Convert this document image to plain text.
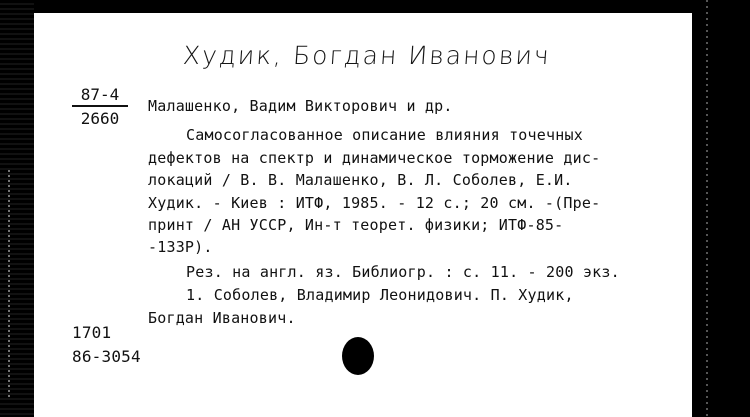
Худик, Богдан Иванович
87-4
2660
Малашенко, Вадим Викторович и др.
Самосогласованное описание влияния точечных
дефектов на спектр и динамическое торможение дис-
локаций / В. В. Малашенко, В. Л. Соболев, Е.И.
Худик. - Киев : ИТФ, 1985. - 12 с.; 20 см. -(Пре-
принт / АН УССР, Ин-т теорет. физики; ИТФ-85-
-133Р).
Рез. на англ. яз. Библиогр. : с. 11. - 200 экз.
1. Соболев, Владимир Леонидович. П. Худик,
Богдан Иванович.
1701
86-3054
